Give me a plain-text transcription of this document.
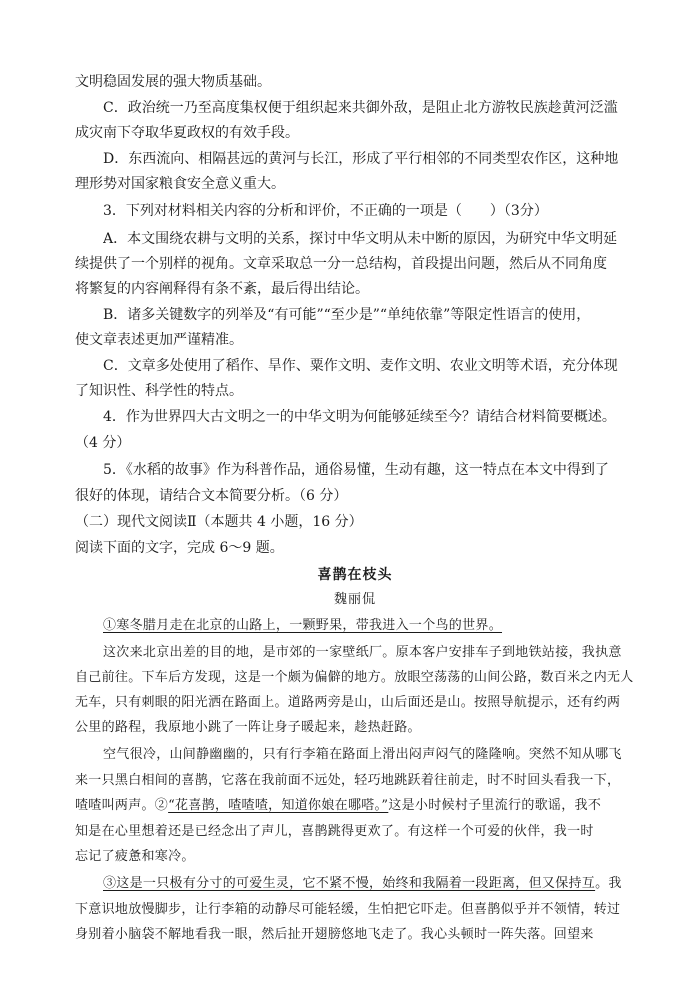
文明稳固发展的强大物质基础。
C．政治统一乃至高度集权便于组织起来共御外敌，是阻止北方游牧民族趁黄河泛滥
成灾南下夺取华夏政权的有效手段。
D．东西流向、相隔甚远的黄河与长江，形成了平行相邻的不同类型农作区，这种地
理形势对国家粮食安全意义重大。
3．下列对材料相关内容的分析和评价，不正确的一项是（　　）（3分）
A．本文围绕农耕与文明的关系，探讨中华文明从未中断的原因，为研究中华文明延
续提供了一个别样的视角。文章采取总一分一总结构，首段提出问题，然后从不同角度
将繁复的内容阐释得有条不紊，最后得出结论。
B．诸多关键数字的列举及“有可能”“至少是”“单纯依靠”等限定性语言的使用，
使文章表述更加严谨精准。
C．文章多处使用了稻作、旱作、粟作文明、麦作文明、农业文明等术语，充分体现
了知识性、科学性的特点。
4．作为世界四大古文明之一的中华文明为何能够延续至今？请结合材料简要概述。
（4 分）
5．《水稻的故事》作为科普作品，通俗易懂，生动有趣，这一特点在本文中得到了
很好的体现，请结合文本简要分析。（6 分）
（二）现代文阅读Ⅱ（本题共 4 小题，16 分）
阅读下面的文字，完成 6～9 题。
喜鹊在枝头
魏丽侃
①寒冬腊月走在北京的山路上，一颗野果，带我进入一个鸟的世界。
这次来北京出差的目的地，是市郊的一家壁纸厂。原本客户安排车子到地铁站接，我执意
自己前往。下车后方发现，这是一个颇为偏僻的地方。放眼空荡荡的山间公路，数百米之内无人
无车，只有刺眼的阳光洒在路面上。道路两旁是山，山后面还是山。按照导航提示，还有约两
公里的路程，我原地小跳了一阵让身子暖起来，趁热赶路。
空气很冷，山间静幽幽的，只有行李箱在路面上滑出闷声闷气的隆隆响。突然不知从哪飞
来一只黑白相间的喜鹊，它落在我前面不远处，轻巧地跳跃着往前走，时不时回头看我一下，
喳喳叫两声。②“花喜鹊，喳喳喳，知道你娘在哪嗒。”这是小时候村子里流行的歌谣，我不
知是在心里想着还是已经念出了声儿，喜鹊跳得更欢了。有这样一个可爱的伙伴，我一时
忘记了疲惫和寒冷。
③这是一只极有分寸的可爱生灵，它不紧不慢，始终和我隔着一段距离，但又保持互。我
下意识地放慢脚步，让行李箱的动静尽可能轻缓，生怕把它吓走。但喜鹊似乎并不领情，转过
身别着小脑袋不解地看我一眼，然后扯开翅膀悠地飞走了。我心头顿时一阵失落。回望来
